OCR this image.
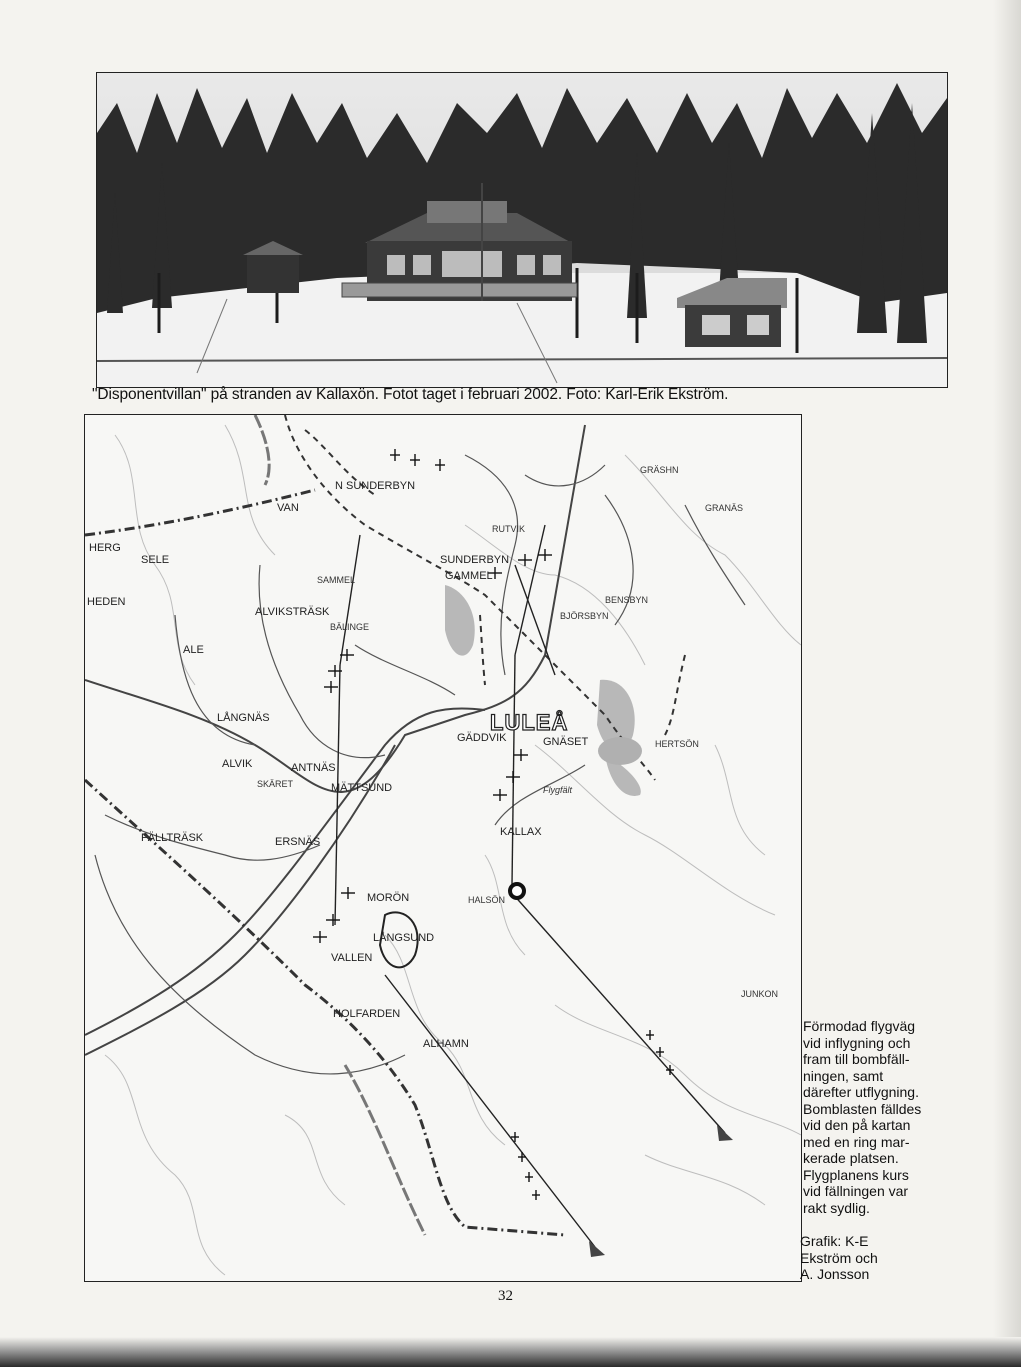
"Disponentvillan" på stranden av Kallaxön. Fotot taget i februari 2002. Foto: Karl-Erik Ekström.
N SUNDERBYN
VAN
RUTVIK
GRÄSHN
GRANÄS
SUNDERBYN
GAMMEL
SELE
HERG
HEDEN
SAMMEL
ALVIKSTRÄSK
BÄLINGE
BENSBYN
BJÖRSBYN
ALE
LÅNGNÄS	LULEÅ
GÄDDVIK	GNÄSET	HERTSÖN
ALVIK	ANTNÄS
SKÄRET	MÄTTSUND	Flygfält
KALLAX
FÄLLTRÄSK	ERSNÄS
MORÖN	HALSÖN
LÅNGSUND
VALLEN
HOLFARDEN
ALHAMN
JUNKON
Förmodad flygväg
vid inflygning och
fram till bombfäll-
ningen, samt
därefter utflygning.
Bomblasten fälldes
vid den på kartan
med en ring mar-
kerade platsen.
Flygplanens kurs
vid fällningen var
rakt sydlig.
Grafik: K-E
Ekström och
A. Jonsson
32
